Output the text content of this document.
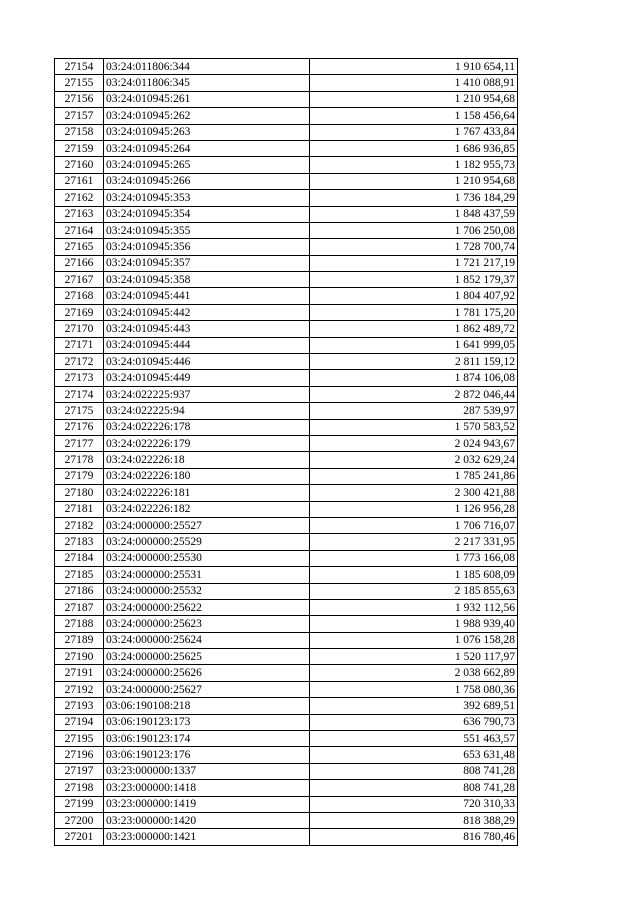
27154	03:24:011806:344	1 910 654,11
27155	03:24:011806:345	1 410 088,91
27156	03:24:010945:261	1 210 954,68
27157	03:24:010945:262	1 158 456,64
27158	03:24:010945:263	1 767 433,84
27159	03:24:010945:264	1 686 936,85
27160	03:24:010945:265	1 182 955,73
27161	03:24:010945:266	1 210 954,68
27162	03:24:010945:353	1 736 184,29
27163	03:24:010945:354	1 848 437,59
27164	03:24:010945:355	1 706 250,08
27165	03:24:010945:356	1 728 700,74
27166	03:24:010945:357	1 721 217,19
27167	03:24:010945:358	1 852 179,37
27168	03:24:010945:441	1 804 407,92
27169	03:24:010945:442	1 781 175,20
27170	03:24:010945:443	1 862 489,72
27171	03:24:010945:444	1 641 999,05
27172	03:24:010945:446	2 811 159,12
27173	03:24:010945:449	1 874 106,08
27174	03:24:022225:937	2 872 046,44
27175	03:24:022225:94	287 539,97
27176	03:24:022226:178	1 570 583,52
27177	03:24:022226:179	2 024 943,67
27178	03:24:022226:18	2 032 629,24
27179	03:24:022226:180	1 785 241,86
27180	03:24:022226:181	2 300 421,88
27181	03:24:022226:182	1 126 956,28
27182	03:24:000000:25527	1 706 716,07
27183	03:24:000000:25529	2 217 331,95
27184	03:24:000000:25530	1 773 166,08
27185	03:24:000000:25531	1 185 608,09
27186	03:24:000000:25532	2 185 855,63
27187	03:24:000000:25622	1 932 112,56
27188	03:24:000000:25623	1 988 939,40
27189	03:24:000000:25624	1 076 158,28
27190	03:24:000000:25625	1 520 117,97
27191	03:24:000000:25626	2 038 662,89
27192	03:24:000000:25627	1 758 080,36
27193	03:06:190108:218	392 689,51
27194	03:06:190123:173	636 790,73
27195	03:06:190123:174	551 463,57
27196	03:06:190123:176	653 631,48
27197	03:23:000000:1337	808 741,28
27198	03:23:000000:1418	808 741,28
27199	03:23:000000:1419	720 310,33
27200	03:23:000000:1420	818 388,29
27201	03:23:000000:1421	816 780,46
